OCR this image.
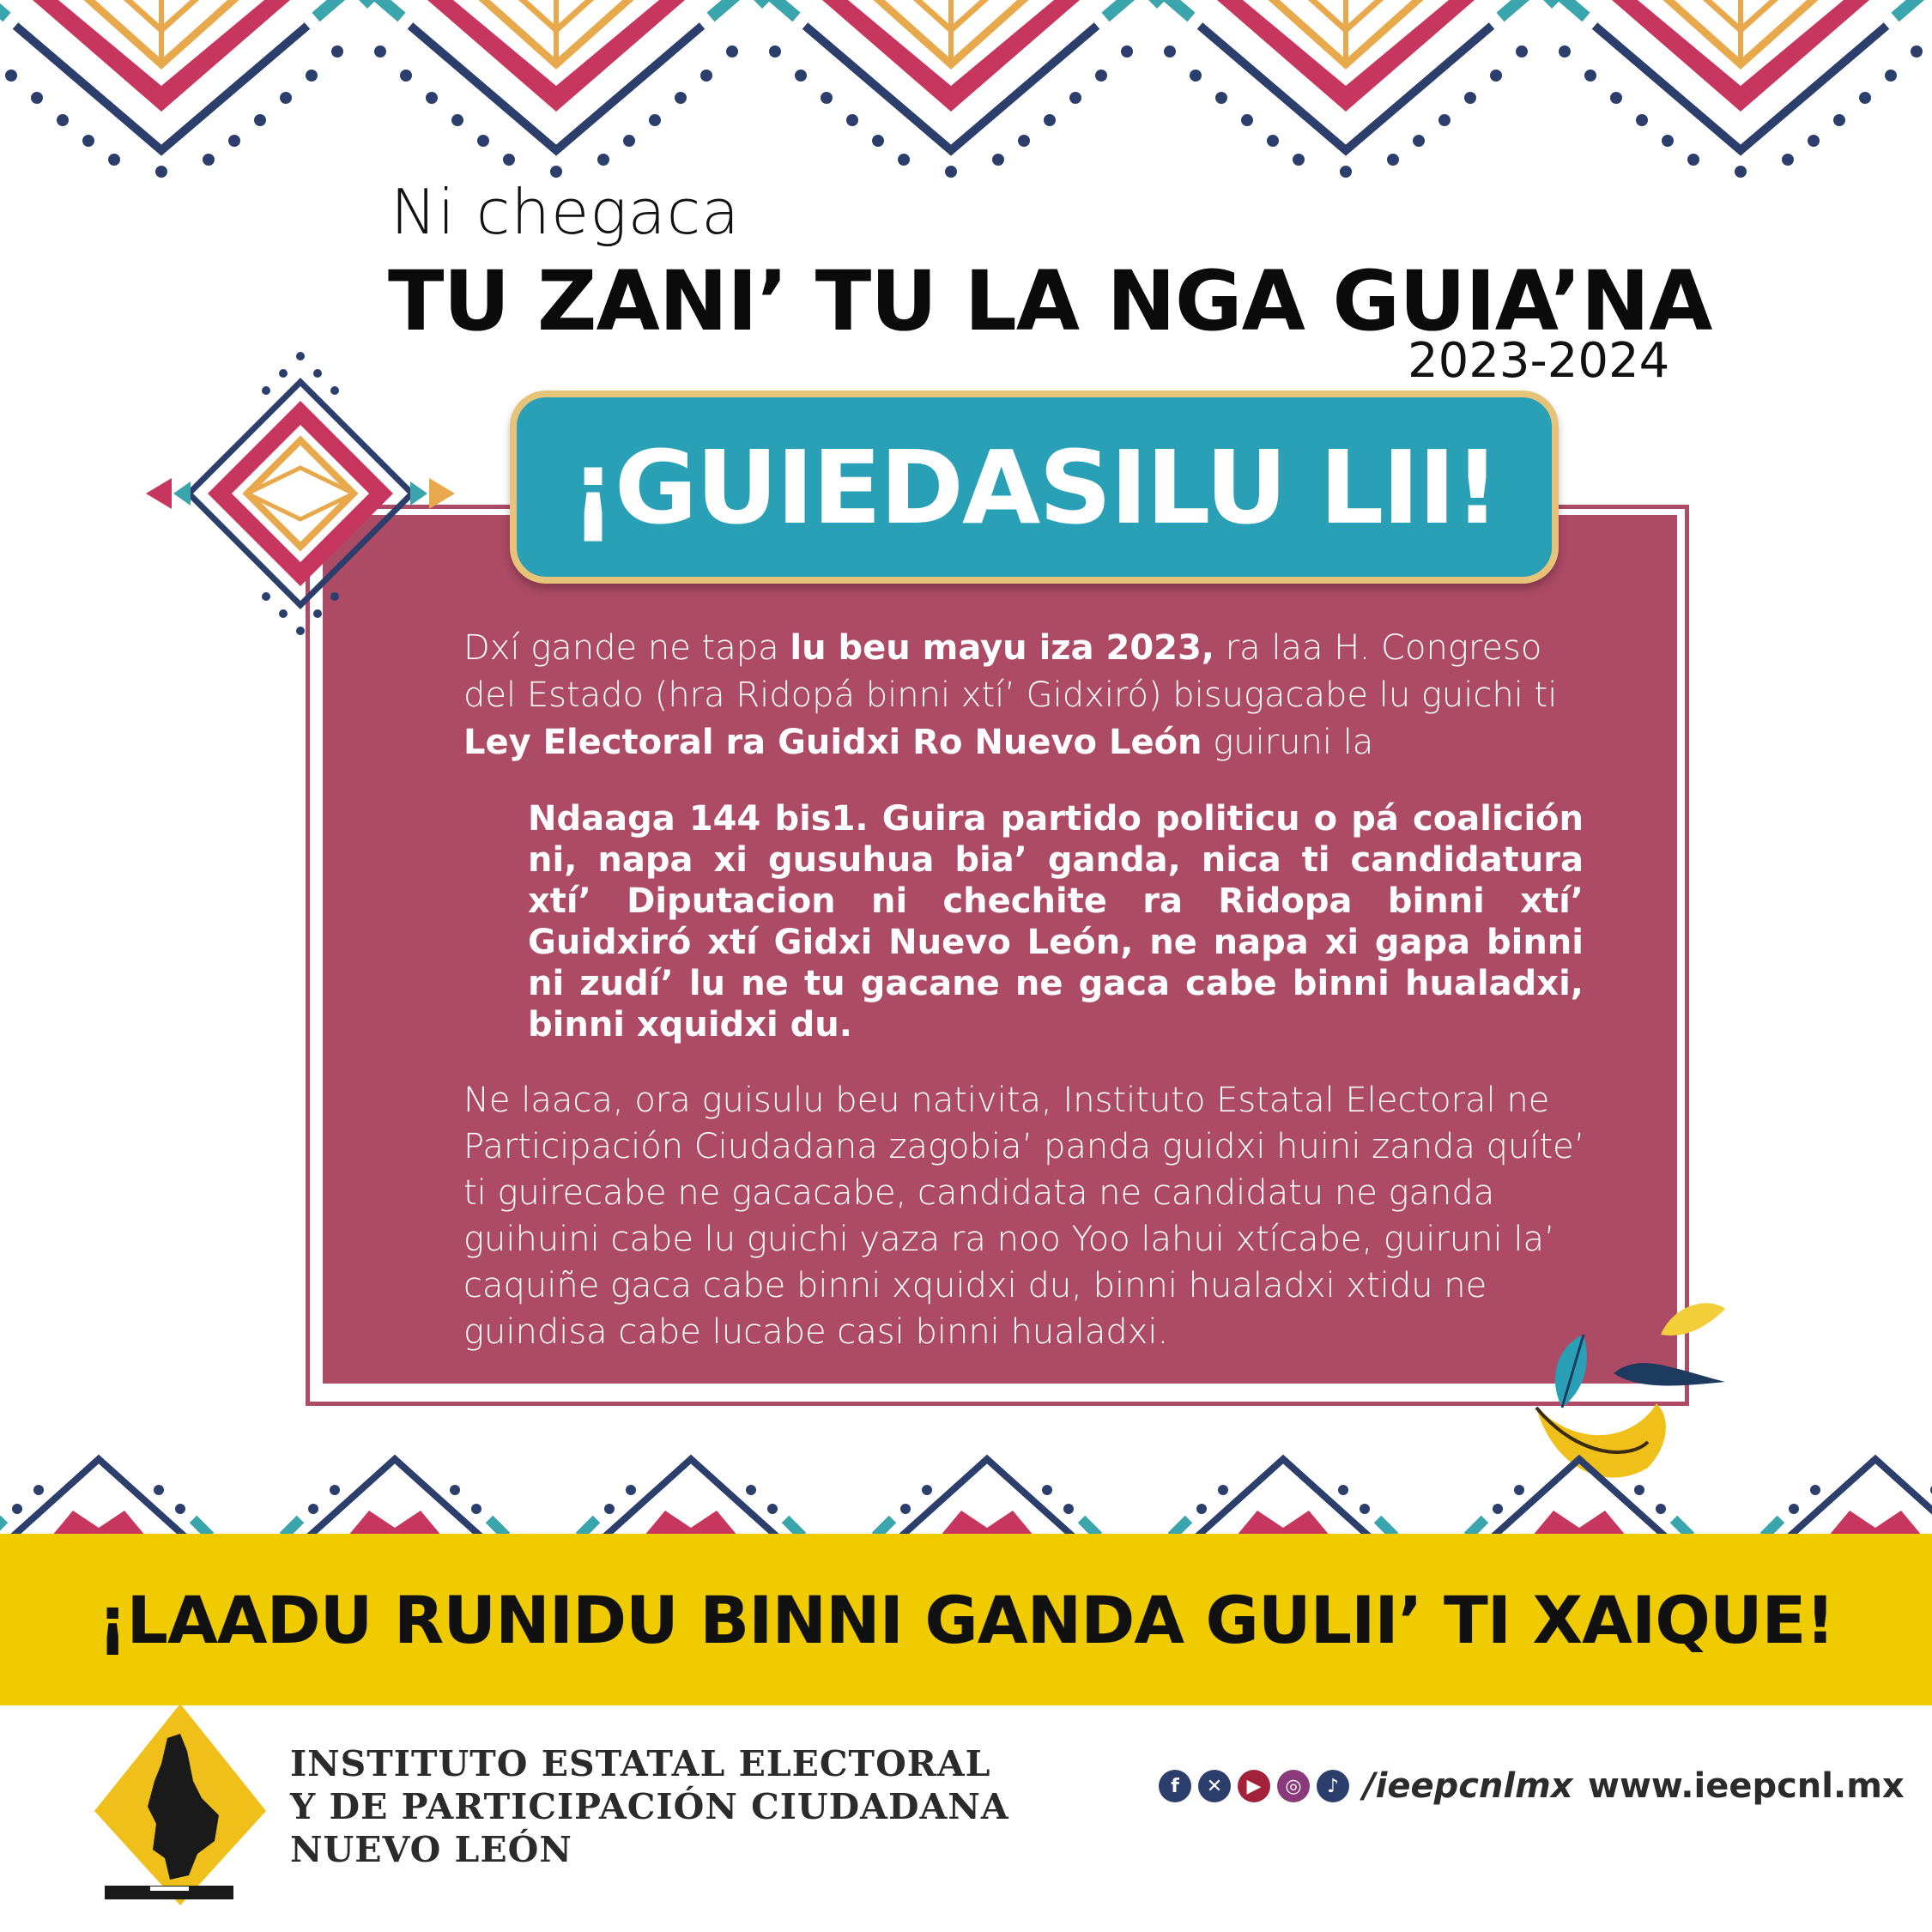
Ni chegaca
TU ZANI’ TU LA NGA GUIA’NA
2023-2024
¡GUIEDASILU LII!
Dxí gande ne tapa lu beu mayu iza 2023, ra laa H. Congreso del Estado (hra Ridopá binni xtí’ Gidxiró) bisugacabe lu guichi ti Ley Electoral ra Guidxi Ro Nuevo León guiruni la
Ndaaga 144 bis1. Guira partido politicu o pá coalición ni, napa xi gusuhua bia’ ganda, nica ti candidatura xtí’ Diputacion ni chechite ra Ridopa binni xtí’ Guidxiró xtí Gidxi Nuevo León, ne napa xi gapa binni ni zudí’ lu ne tu gacane ne gaca cabe binni hualadxi, binni xquidxi du.
Ne laaca, ora guisulu beu nativita, Instituto Estatal Electoral ne Participación Ciudadana zagobia’ panda guidxi huini zanda quíte’ ti guirecabe ne gacacabe, candidata ne candidatu ne ganda guihuini cabe lu guichi yaza ra noo Yoo lahui xtícabe, guiruni la’ caquiñe gaca cabe binni xquidxi du, binni hualadxi xtidu ne guindisa cabe lucabe casi binni hualadxi.
¡LAADU RUNIDU BINNI GANDA GULII’ TI XAIQUE!
INSTITUTO ESTATAL ELECTORAL
Y DE PARTICIPACIÓN CIUDADANA
NUEVO LEÓN
f	✕	▶	◎	♪ /ieepcnlmx www.ieepcnl.mx
